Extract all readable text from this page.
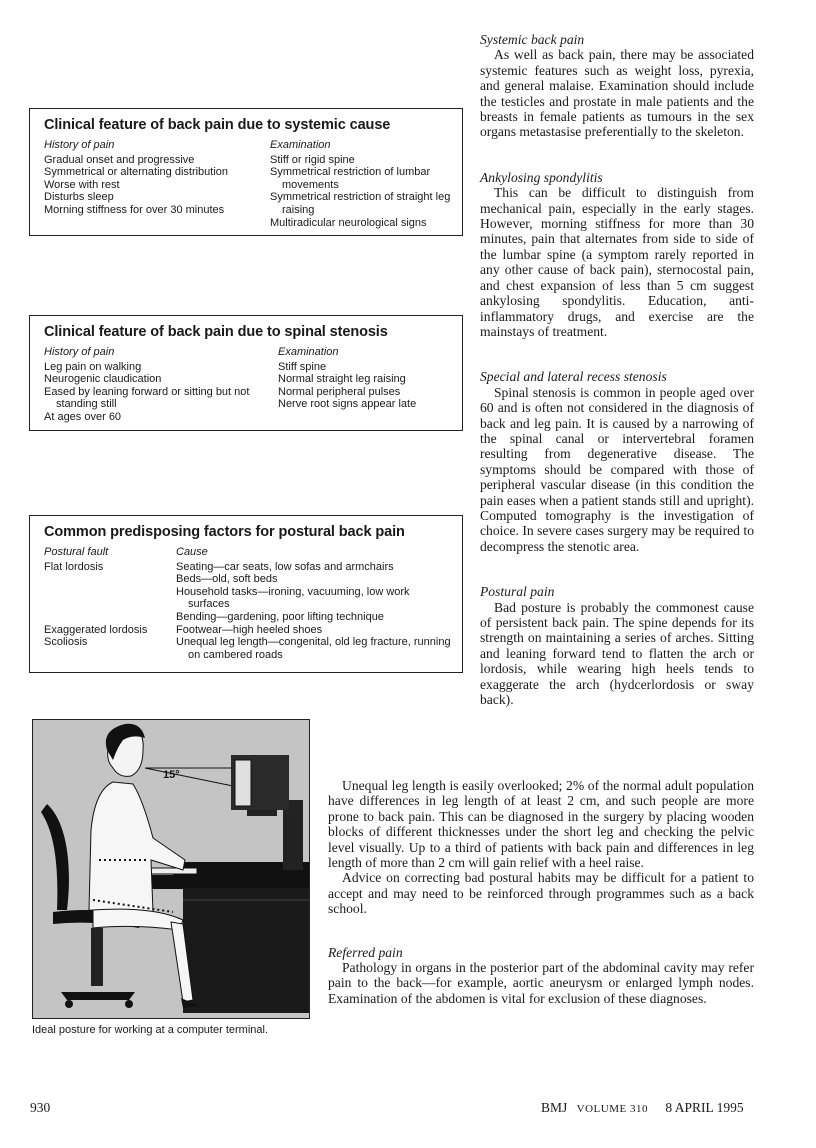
Clinical feature of back pain due to systemic cause
History of pain
Gradual onset and progressive
Symmetrical or alternating distribution
Worse with rest
Disturbs sleep
Morning stiffness for over 30 minutes
Examination
Stiff or rigid spine
Symmetrical restriction of lumbar movements
Symmetrical restriction of straight leg raising
Multiradicular neurological signs
Clinical feature of back pain due to spinal stenosis
History of pain
Leg pain on walking
Neurogenic claudication
Eased by leaning forward or sitting but not standing still
At ages over 60
Examination
Stiff spine
Normal straight leg raising
Normal peripheral pulses
Nerve root signs appear late
Common predisposing factors for postural back pain
Postural fault	Cause
Flat lordosis	Seating—car seats, low sofas and armchairs
Beds—old, soft beds
Household tasks—ironing, vacuuming, low work surfaces
Bending—gardening, poor lifting technique
Exaggerated lordosis	Footwear—high heeled shoes
Scoliosis	Unequal leg length—congenital, old leg fracture, running on cambered roads
Systemic back pain

As well as back pain, there may be associated systemic features such as weight loss, pyrexia, and general malaise. Examination should include the testicles and prostate in male patients and the breasts in female patients as tumours in the sex organs metastasise preferentially to the skeleton.

Ankylosing spondylitis

This can be difficult to distinguish from mechanical pain, especially in the early stages. However, morning stiffness for more than 30 minutes, pain that alternates from side to side of the lumbar spine (a symptom rarely reported in any other cause of back pain), sternocostal pain, and chest expansion of less than 5 cm suggest ankylosing spondylitis. Education, anti-inflammatory drugs, and exercise are the mainstays of treatment.

Special and lateral recess stenosis

Spinal stenosis is common in people aged over 60 and is often not considered in the diagnosis of back and leg pain. It is caused by a narrowing of the spinal canal or intervertebral foramen resulting from degenerative disease. The symptoms should be compared with those of peripheral vascular disease (in this condition the pain eases when a patient stands still and upright). Computed tomography is the investigation of choice. In severe cases surgery may be required to decompress the stenotic area.

Postural pain

Bad posture is probably the commonest cause of persistent back pain. The spine depends for its strength on maintaining a series of arches. Sitting and leaning forward tend to flatten the arch or lordosis, while wearing high heels tends to exaggerate the arch (hydcerlordosis or sway back).

15°
Ideal posture for working at a computer terminal.

Unequal leg length is easily overlooked; 2% of the normal adult population have differences in leg length of at least 2 cm, and such people are more prone to back pain. This can be diagnosed in the surgery by placing wooden blocks of different thicknesses under the short leg and checking the pelvic level visually. Up to a third of patients with back pain and differences in leg length of more than 2 cm will gain relief with a heel raise.

Advice on correcting bad postural habits may be difficult for a patient to accept and may need to be reinforced through programmes such as a back school.

Referred pain

Pathology in organs in the posterior part of the abdominal cavity may refer pain to the back—for example, aortic aneurysm or enlarged lymph nodes. Examination of the abdomen is vital for exclusion of these diagnoses.

930	BMJ VOLUME 310 8 APRIL 1995
